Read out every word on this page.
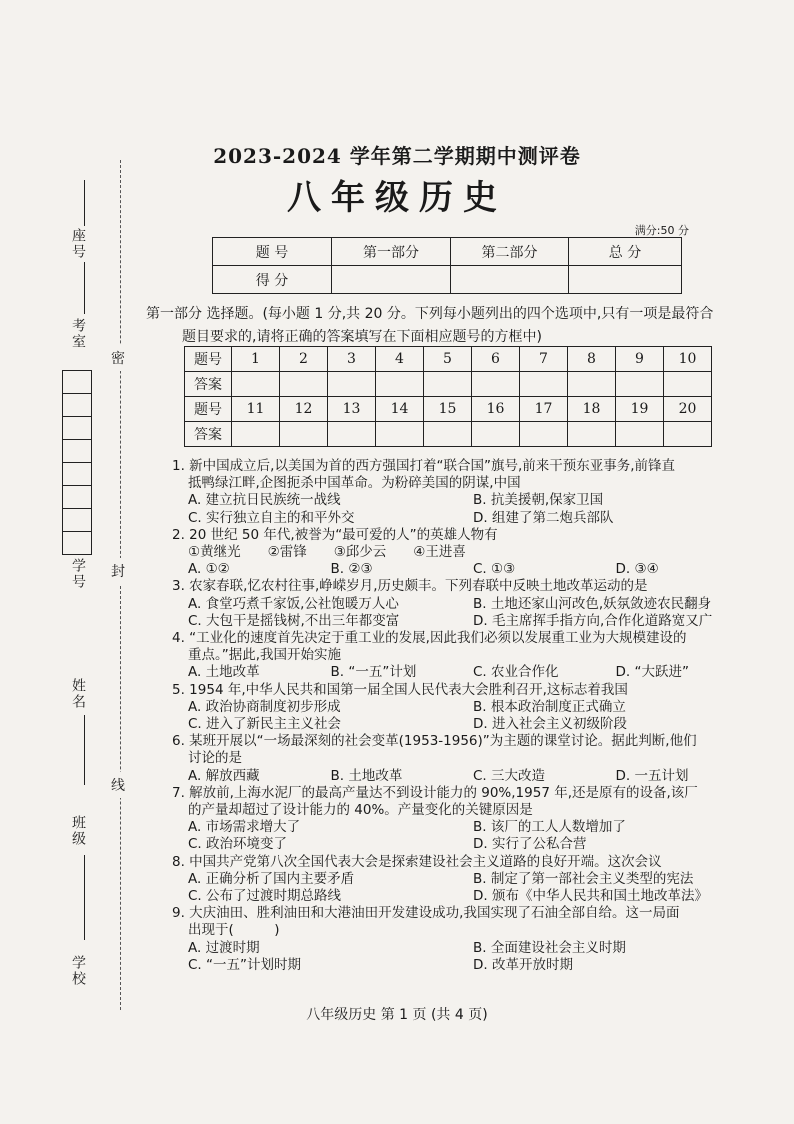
密
封
线
座号
考室
学号
姓名
班级
学校
2023-2024 学年第二学期期中测评卷
八年级历史
满分:50 分
题 号	第一部分	第二部分	总 分
得 分			
第一部分 选择题。(每小题 1 分,共 20 分。下列每小题列出的四个选项中,只有一项是最符合
题目要求的,请将正确的答案填写在下面相应题号的方框中)
题号	1	2	3	4	5	6	7	8	9	10
答案										
题号	11	12	13	14	15	16	17	18	19	20
答案										
1. 新中国成立后,以美国为首的西方强国打着“联合国”旗号,前来干预东亚事务,前锋直
抵鸭绿江畔,企图扼杀中国革命。为粉碎美国的阴谋,中国
A. 建立抗日民族统一战线	B. 抗美援朝,保家卫国
C. 实行独立自主的和平外交	D. 组建了第二炮兵部队
2. 20 世纪 50 年代,被誉为“最可爱的人”的英雄人物有
①黄继光　　②雷锋　　③邱少云　　④王进喜
A. ①②	B. ②③	C. ①③	D. ③④
3. 农家春联,忆农村往事,峥嵘岁月,历史颇丰。下列春联中反映土地改革运动的是
A. 食堂巧煮千家饭,公社饱暖万人心	B. 土地还家山河改色,妖氛敛迹农民翻身
C. 大包干是摇钱树,不出三年都变富	D. 毛主席挥手指方向,合作化道路宽又广
4. “工业化的速度首先决定于重工业的发展,因此我们必须以发展重工业为大规模建设的
重点。”据此,我国开始实施
A. 土地改革	B. “一五”计划	C. 农业合作化	D. “大跃进”
5. 1954 年,中华人民共和国第一届全国人民代表大会胜利召开,这标志着我国
A. 政治协商制度初步形成	B. 根本政治制度正式确立
C. 进入了新民主主义社会	D. 进入社会主义初级阶段
6. 某班开展以“一场最深刻的社会变革(1953-1956)”为主题的课堂讨论。据此判断,他们
讨论的是
A. 解放西藏	B. 土地改革	C. 三大改造	D. 一五计划
7. 解放前,上海水泥厂的最高产量达不到设计能力的 90%,1957 年,还是原有的设备,该厂
的产量却超过了设计能力的 40%。产量变化的关键原因是
A. 市场需求增大了	B. 该厂的工人人数增加了
C. 政治环境变了	D. 实行了公私合营
8. 中国共产党第八次全国代表大会是探索建设社会主义道路的良好开端。这次会议
A. 正确分析了国内主要矛盾	B. 制定了第一部社会主义类型的宪法
C. 公布了过渡时期总路线	D. 颁布《中华人民共和国土地改革法》
9. 大庆油田、胜利油田和大港油田开发建设成功,我国实现了石油全部自给。这一局面
出现于(　　　)
A. 过渡时期	B. 全面建设社会主义时期
C. “一五”计划时期	D. 改革开放时期
八年级历史 第 1 页 (共 4 页)
